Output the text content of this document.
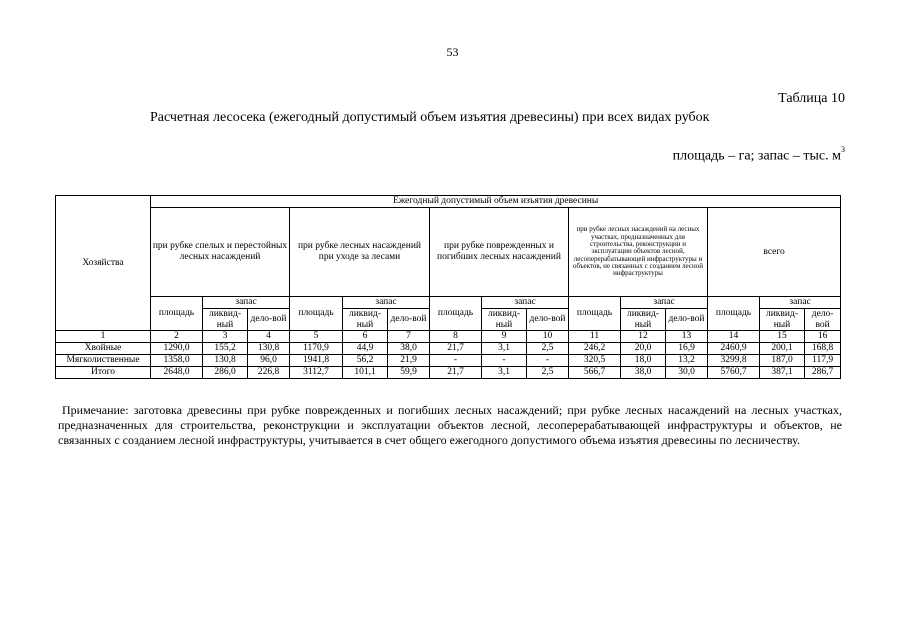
53
Таблица 10
Расчетная лесосека (ежегодный допустимый объем изъятия древесины) при всех видах рубок
площадь – га; запас – тыс. $м^3$
Хозяйства	Ежегодный допустимый объем изъятия древесины														
	при рубке спелых и перестойных лесных насаждений			при рубке лесных насаждений при уходе за лесами			при рубке поврежденных и погибших лесных насаждений			при рубке лесных насаждений на лесных участках, предназначенных для строительства, реконструкции и эксплуатации объектов лесной, лесоперерабатывающей инфраструктуры и объектов, не связанных с созданием лесной инфраструктуры			всего		
	площадь	запас		площадь	запас		площадь	запас		площадь	запас		площадь	запас	
		ликвид-ный	дело-вой		ликвид-ный	дело-вой		ликвид-ный	дело-вой		ликвид-ный	дело-вой		ликвид-ный	дело-вой
1	2	3	4	5	6	7	8	9	10	11	12	13	14	15	16
Хвойные	1290,0	155,2	130,8	1170,9	44,9	38,0	21,7	3,1	2,5	246,2	20,0	16,9	2460,9	200,1	168,8
Мягколиственные	1358,0	130,8	96,0	1941,8	56,2	21,9	-	-	-	320,5	18,0	13,2	3299,8	187,0	117,9
Итого	2648,0	286,0	226,8	3112,7	101,1	59,9	21,7	3,1	2,5	566,7	38,0	30,0	5760,7	387,1	286,7
Примечание: заготовка древесины при рубке поврежденных и погибших лесных насаждений; при рубке лесных насаждений на лесных участках, предназначенных для строительства, реконструкции и эксплуатации объектов лесной, лесоперерабатывающей инфраструктуры и объектов, не связанных с созданием лесной инфраструктуры, учитывается в счет общего ежегодного допустимого объема изъятия древесины по лесничеству.
